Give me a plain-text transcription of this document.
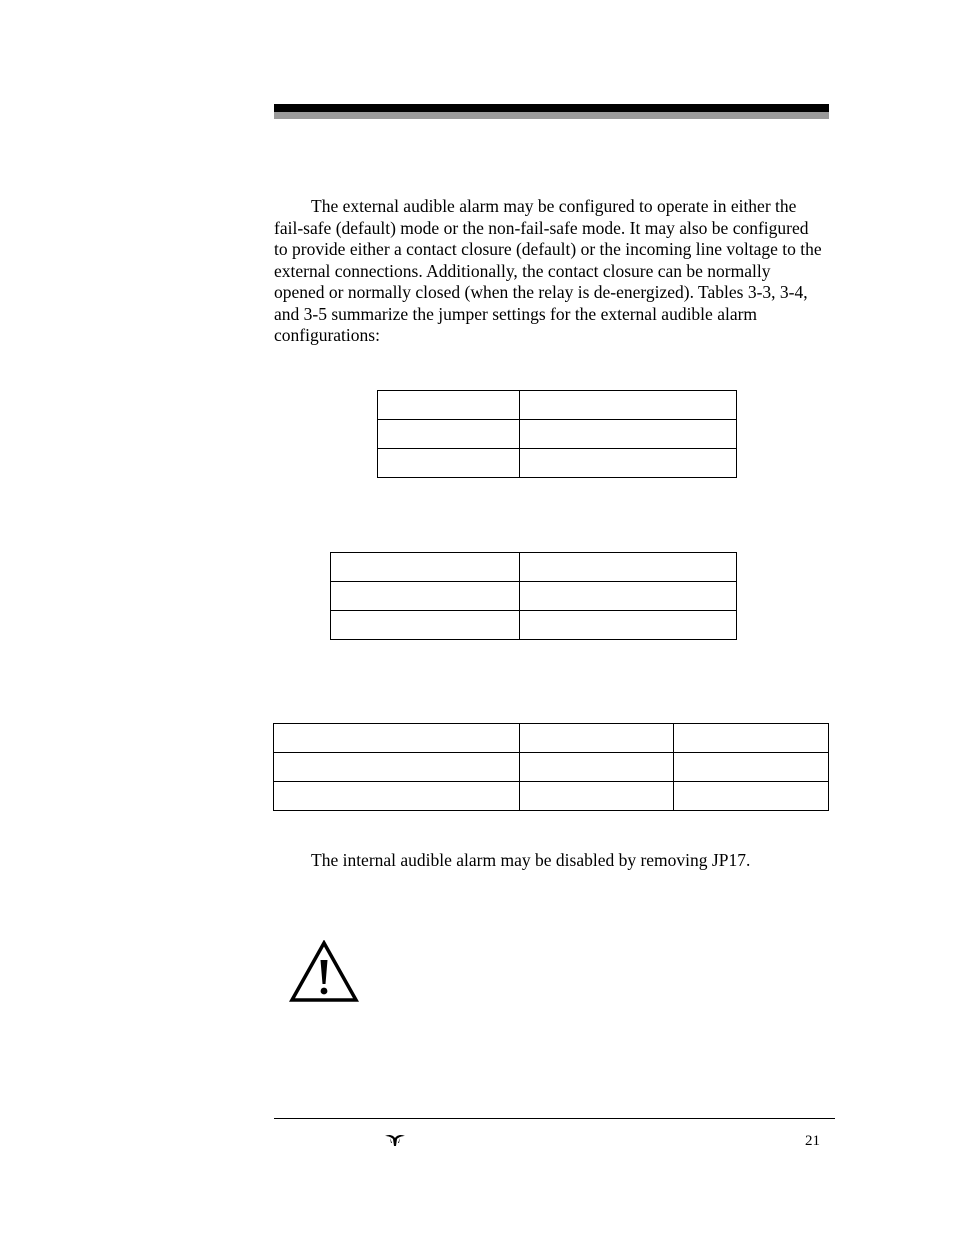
The external audible alarm may be configured to operate in either the fail-safe (default) mode or the non-fail-safe mode. It may also be configured to provide either a contact closure (default) or the incoming line voltage to the external connections. Additionally, the contact closure can be normally opened or normally closed (when the relay is de-energized). Tables 3-3, 3-4, and 3-5 summarize the jumper settings for the external audible alarm configurations:

The internal audible alarm may be disabled by removing JP17.

21
